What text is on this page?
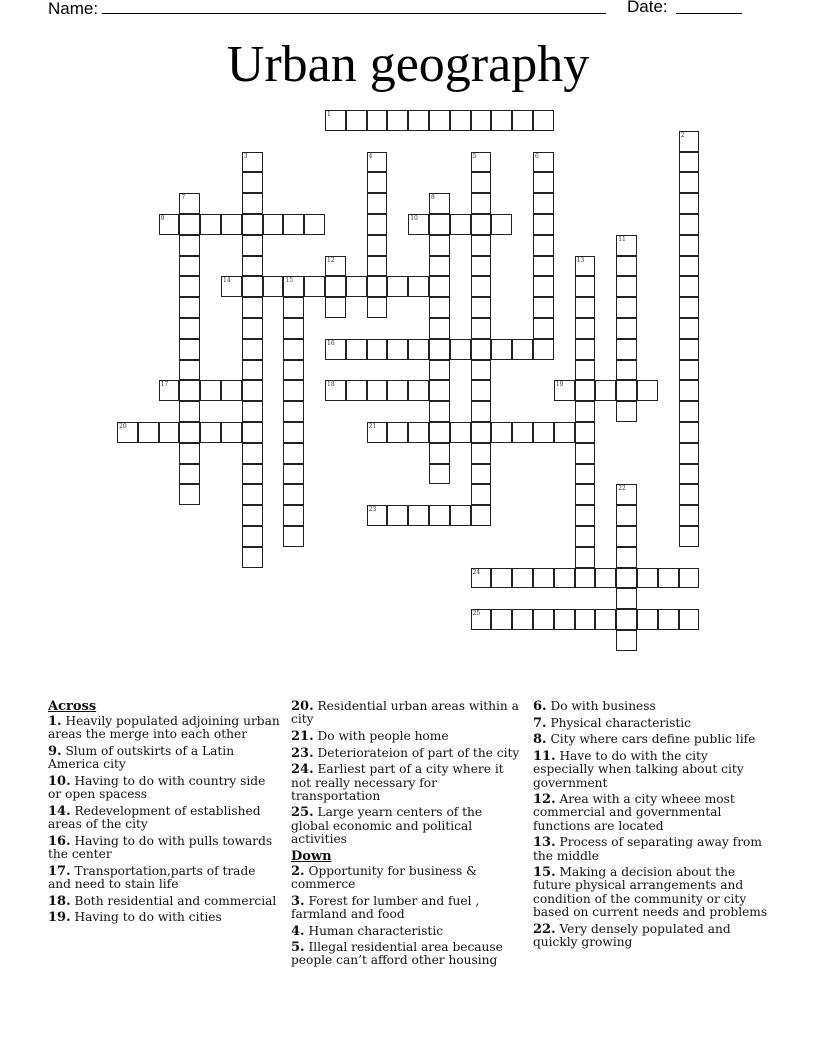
Name:	Date:
Urban geography
1
9	10
14	15
16
17	18	19
20	21
23
24
25
2
3	4	5	6
7	8
11
12	13
22
Across
1. Heavily populated adjoining urban areas the merge into each other
9. Slum of outskirts of a Latin America city
10. Having to do with country side or open spacess
14. Redevelopment of established areas of the city
16. Having to do with pulls towards the center
17. Transportation,parts of trade and need to stain life
18. Both residential and commercial
19. Having to do with cities
20. Residential urban areas within a city
21. Do with people home
23. Deteriorateion of part of the city
24. Earliest part of a city where it not really necessary for transportation
25. Large yearn centers of the global economic and political activities
Down
2. Opportunity for business & commerce
3. Forest for lumber and fuel , farmland and food
4. Human characteristic
5. Illegal residential area because people can’t afford other housing
6. Do with business
7. Physical characteristic
8. City where cars define public life
11. Have to do with the city especially when talking about city government
12. Area with a city wheee most commercial and governmental functions are located
13. Process of separating away from the middle
15. Making a decision about the future physical arrangements and condition of the community or city based on current needs and problems
22. Very densely populated and quickly growing
